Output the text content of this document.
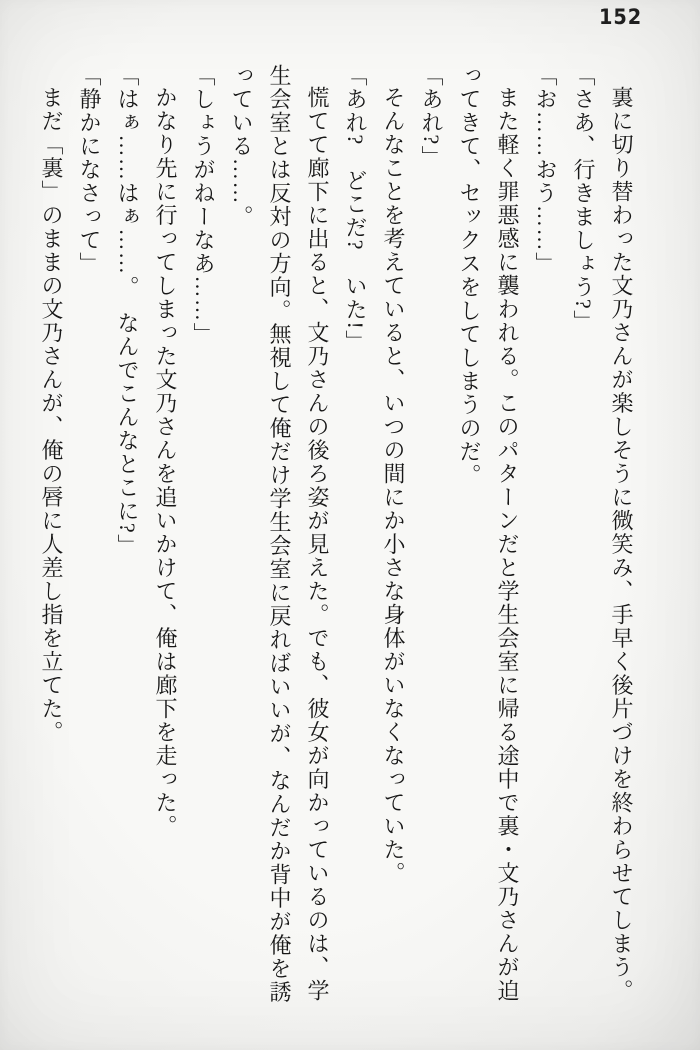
152

裏に切り替わった文乃さんが楽しそうに微笑み、手早く後片づけを終わらせてしまう。

「さあ、行きましょう?」

「お……おう……」

また軽く罪悪感に襲われる。このパターンだと学生会室に帰る途中で裏・文乃さんが迫ってきて、セックスをしてしまうのだ。

「あれ?」

そんなことを考えていると、いつの間にか小さな身体がいなくなっていた。

「あれ?　どこだ?　いた!」

慌てて廊下に出ると、文乃さんの後ろ姿が見えた。でも、彼女が向かっているのは、学生会室とは反対の方向。無視して俺だけ学生会室に戻ればいいが、なんだか背中が俺を誘っている……。

「しょうがねーなあ……」

かなり先に行ってしまった文乃さんを追いかけて、俺は廊下を走った。

「はぁ……はぁ……。　なんでこんなとこに?」

「静かになさって」

まだ「裏」のままの文乃さんが、俺の唇に人差し指を立てた。
